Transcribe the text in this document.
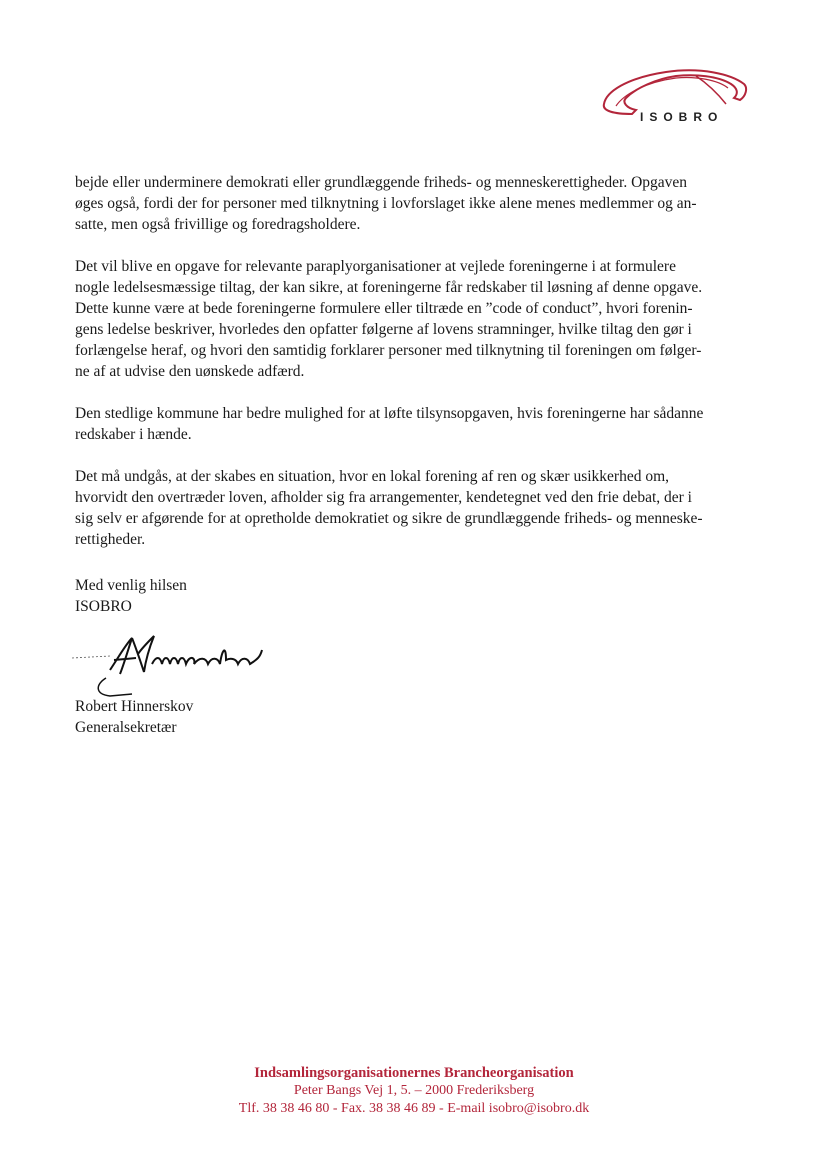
ISOBRO
bejde eller underminere demokrati eller grundlæggende friheds- og menneskerettigheder. Opgaven
øges også, fordi der for personer med tilknytning i lovforslaget ikke alene menes medlemmer og an-
satte, men også frivillige og foredragsholdere.
Det vil blive en opgave for relevante paraplyorganisationer at vejlede foreningerne i at formulere
nogle ledelsesmæssige tiltag, der kan sikre, at foreningerne får redskaber til løsning af denne opgave.
Dette kunne være at bede foreningerne formulere eller tiltræde en ”code of conduct”, hvori forenin-
gens ledelse beskriver, hvorledes den opfatter følgerne af lovens stramninger, hvilke tiltag den gør i
forlængelse heraf, og hvori den samtidig forklarer personer med tilknytning til foreningen om følger-
ne af at udvise den uønskede adfærd.
Den stedlige kommune har bedre mulighed for at løfte tilsynsopgaven, hvis foreningerne har sådanne
redskaber i hænde.
Det må undgås, at der skabes en situation, hvor en lokal forening af ren og skær usikkerhed om,
hvorvidt den overtræder loven, afholder sig fra arrangementer, kendetegnet ved den frie debat, der i
sig selv er afgørende for at opretholde demokratiet og sikre de grundlæggende friheds- og menneske-
rettigheder.
Med venlig hilsen
ISOBRO
Robert Hinnerskov
Generalsekretær
Indsamlingsorganisationernes Brancheorganisation
Peter Bangs Vej 1, 5. – 2000 Frederiksberg
Tlf. 38 38 46 80 - Fax. 38 38 46 89 - E-mail isobro@isobro.dk
